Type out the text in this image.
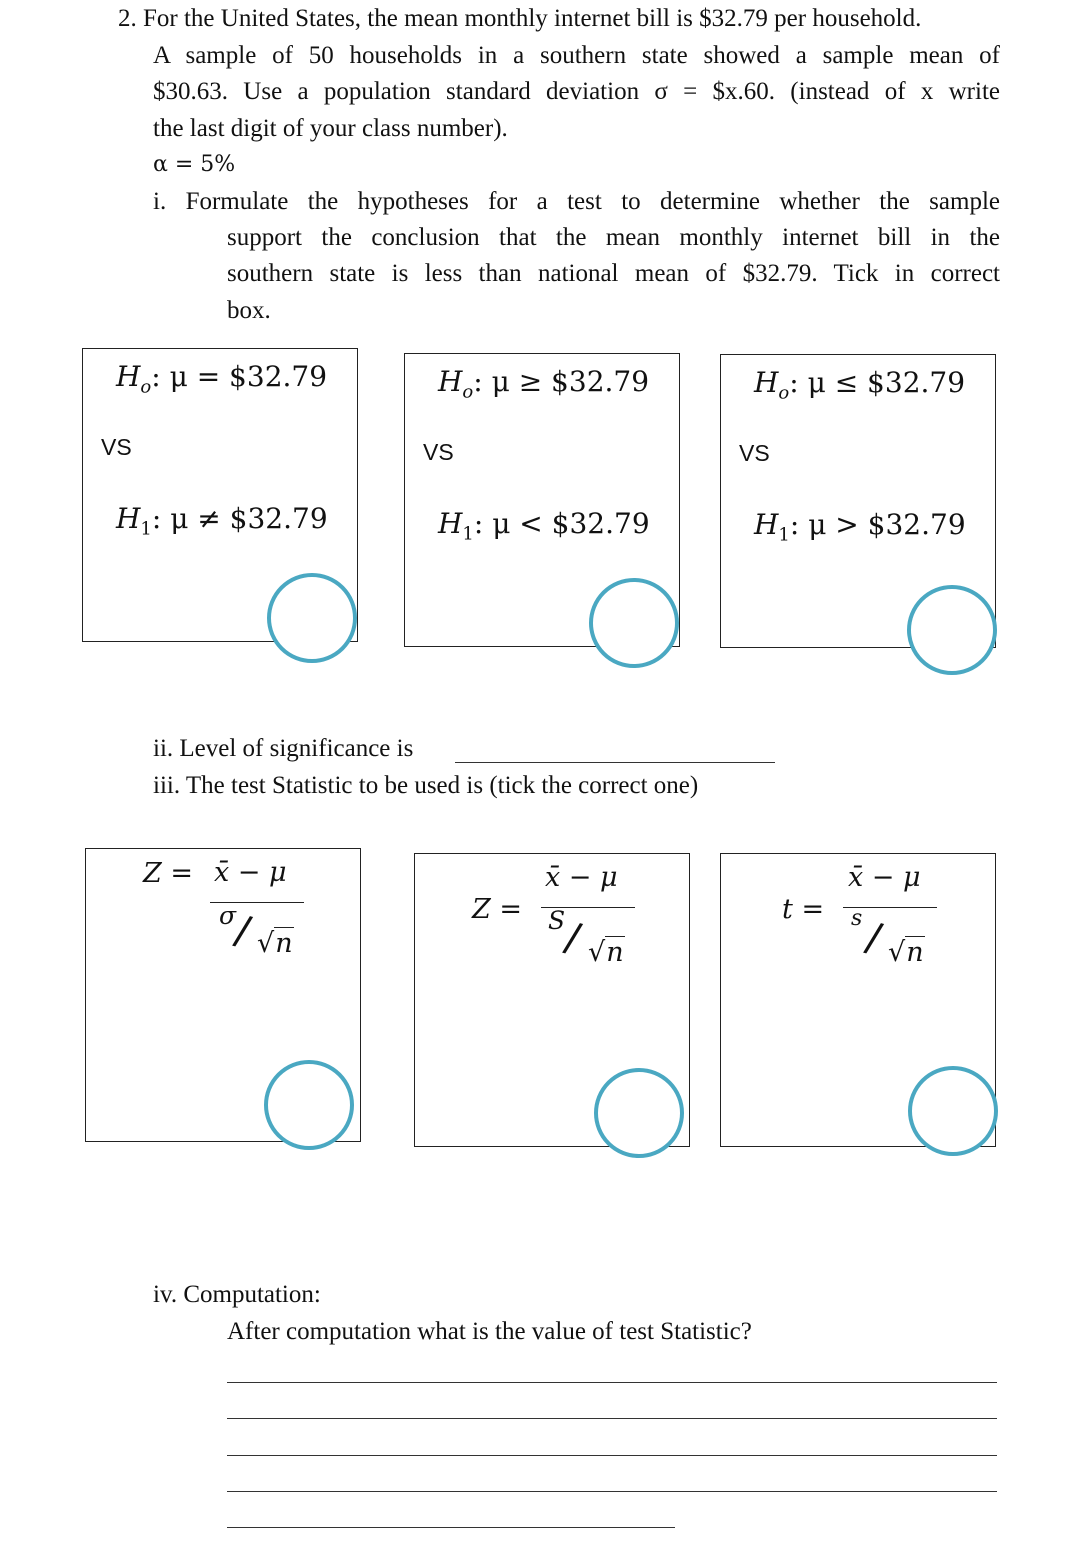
2. For the United States, the mean monthly internet bill is $32.79 per household.
A sample of 50 households in a southern state showed a sample mean of
$30.63. Use a population standard deviation σ = $x.60. (instead of x write
the last digit of your class number).
α = 5%
i. Formulate the hypotheses for a test to determine whether the sample
support the conclusion that the mean monthly internet bill in the
southern state is less than national mean of $32.79. Tick in correct
box.
$H_o$: μ = $32.79
VS
$H_1$: μ ≠ $32.79
$H_o$: μ ≥ $32.79
VS
$H_1$: μ < $32.79
$H_o$: μ ≤ $32.79
VS
$H_1$: μ > $32.79
ii. Level of significance is
iii. The test Statistic to be used is (tick the correct one)
Z = x̄ − μ
σ
/ √n
Z =
x̄ − μ
S
/ √n
t =
x̄ − μ
s / √n
iv. Computation:
After computation what is the value of test Statistic?
